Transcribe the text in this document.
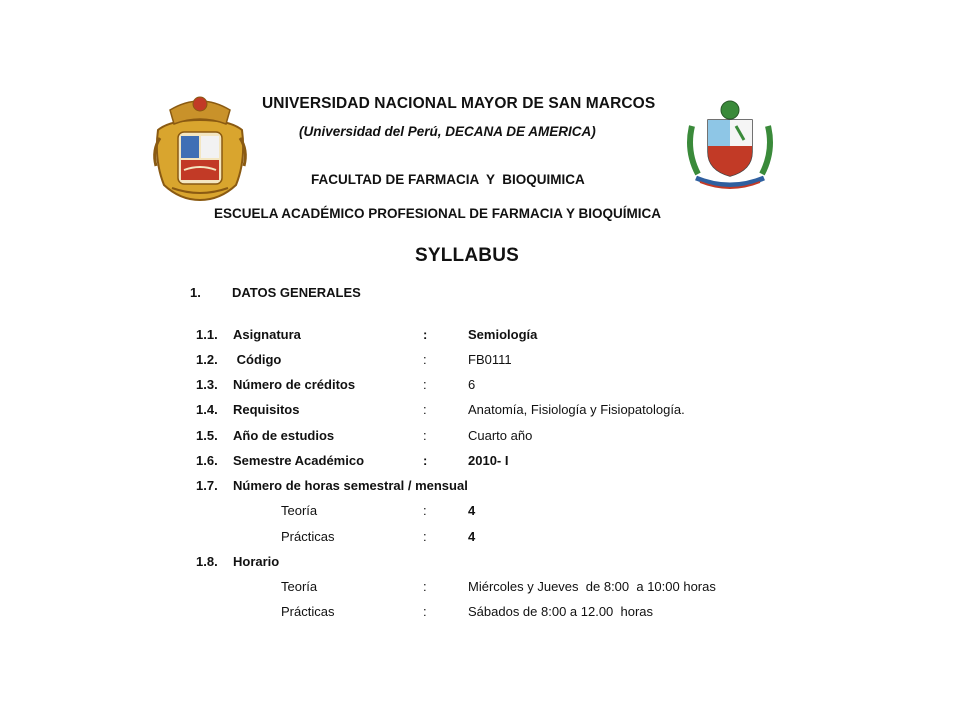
UNIVERSIDAD NACIONAL MAYOR DE SAN MARCOS
(Universidad del Perú, DECANA DE AMERICA)
FACULTAD DE FARMACIA  Y  BIOQUIMICA
ESCUELA ACADÉMICO PROFESIONAL DE FARMACIA Y BIOQUÍMICA
SYLLABUS
1. DATOS GENERALES
1.1. Asignatura	:	Semiología
1.2. Código	:	FB0111
1.3. Número de créditos	:	6
1.4. Requisitos	:	Anatomía, Fisiología y Fisiopatología.
1.5. Año de estudios	:	Cuarto año
1.6. Semestre Académico	:	2010- I
1.7. Número de horas semestral / mensual
Teoría	:	4
Prácticas	:	4
1.8. Horario
Teoría	:	Miércoles y Jueves  de 8:00  a 10:00 horas
Prácticas	:	Sábados de 8:00 a 12.00  horas
